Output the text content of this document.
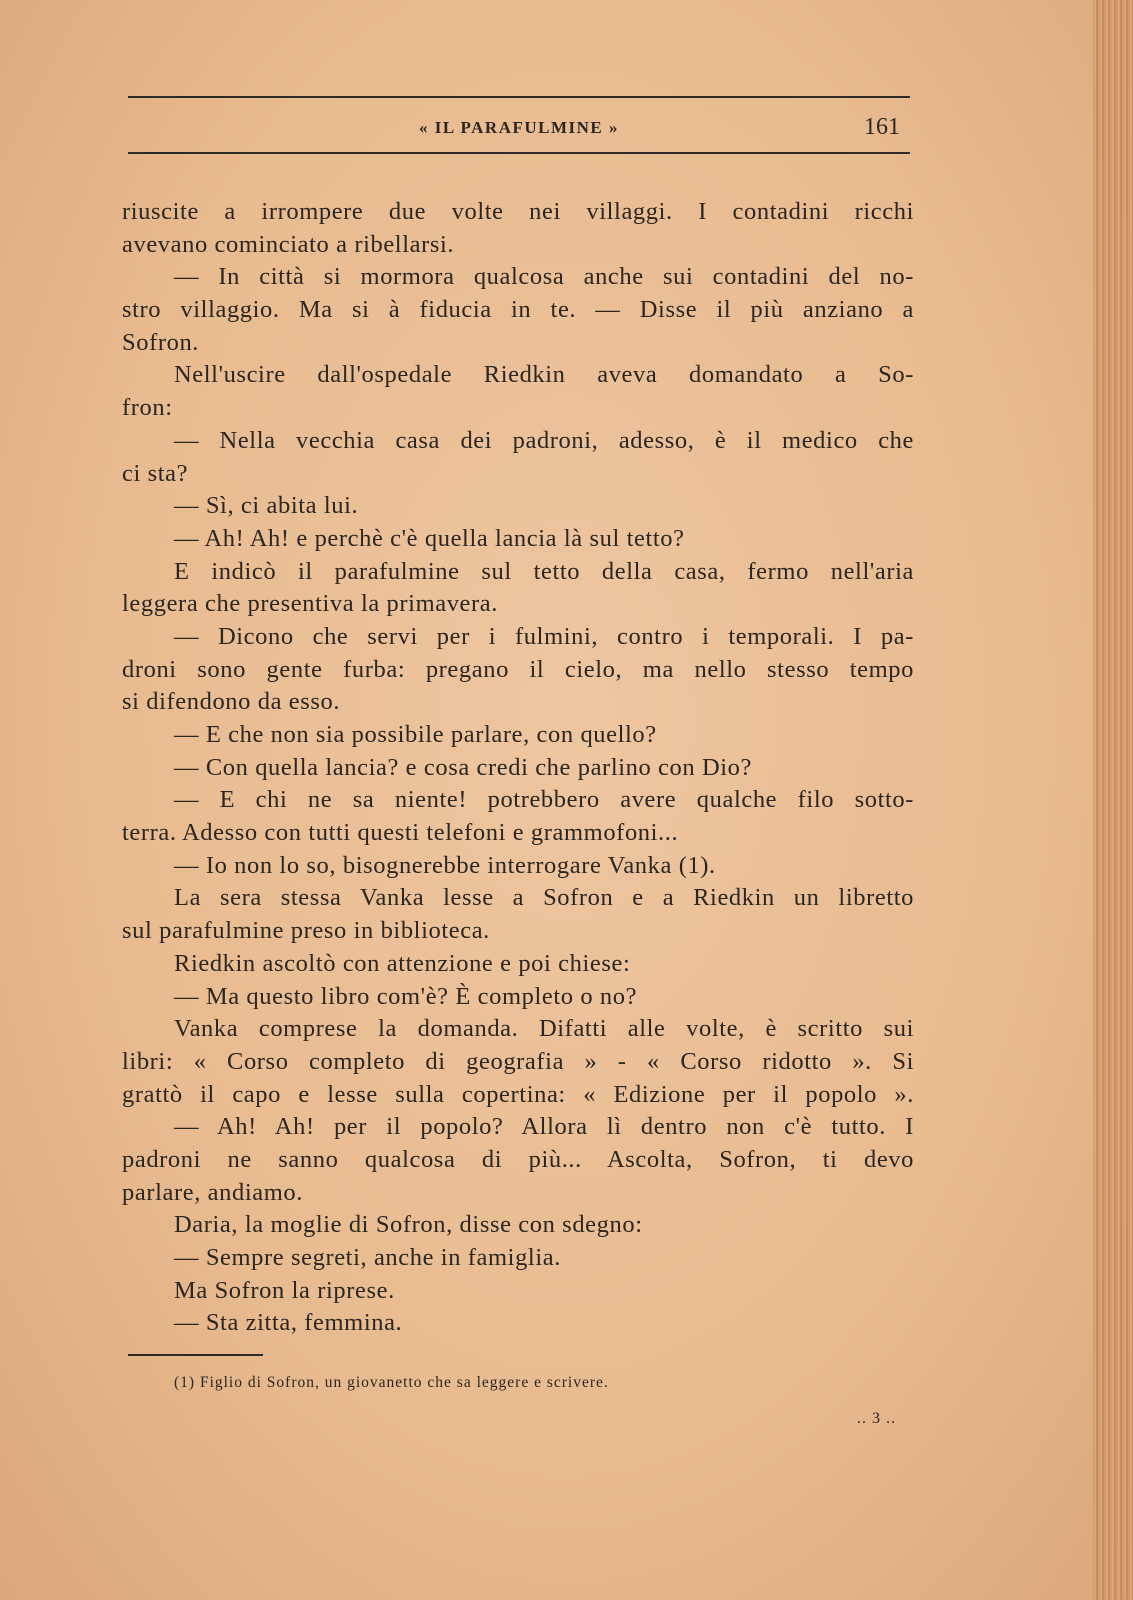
« IL PARAFULMINE »	161
riuscite a irrompere due volte nei villaggi. I contadini ricchi
avevano cominciato a ribellarsi.
— In città si mormora qualcosa anche sui contadini del no-
stro villaggio. Ma si à fiducia in te. — Disse il più anziano a
Sofron.
Nell'uscire dall'ospedale Riedkin aveva domandato a So-
fron:
— Nella vecchia casa dei padroni, adesso, è il medico che
ci sta?
— Sì, ci abita lui.
— Ah! Ah! e perchè c'è quella lancia là sul tetto?
E indicò il parafulmine sul tetto della casa, fermo nell'aria
leggera che presentiva la primavera.
— Dicono che servi per i fulmini, contro i temporali. I pa-
droni sono gente furba: pregano il cielo, ma nello stesso tempo
si difendono da esso.
— E che non sia possibile parlare, con quello?
— Con quella lancia? e cosa credi che parlino con Dio?
— E chi ne sa niente! potrebbero avere qualche filo sotto-
terra. Adesso con tutti questi telefoni e grammofoni...
— Io non lo so, bisognerebbe interrogare Vanka (1).
La sera stessa Vanka lesse a Sofron e a Riedkin un libretto
sul parafulmine preso in biblioteca.
Riedkin ascoltò con attenzione e poi chiese:
— Ma questo libro com'è? È completo o no?
Vanka comprese la domanda. Difatti alle volte, è scritto sui
libri: « Corso completo di geografia » - « Corso ridotto ». Si
grattò il capo e lesse sulla copertina: « Edizione per il popolo ».
— Ah! Ah! per il popolo? Allora lì dentro non c'è tutto. I
padroni ne sanno qualcosa di più... Ascolta, Sofron, ti devo
parlare, andiamo.
Daria, la moglie di Sofron, disse con sdegno:
— Sempre segreti, anche in famiglia.
Ma Sofron la riprese.
— Sta zitta, femmina.
(1) Figlio di Sofron, un giovanetto che sa leggere e scrivere.
.. 3 ..
